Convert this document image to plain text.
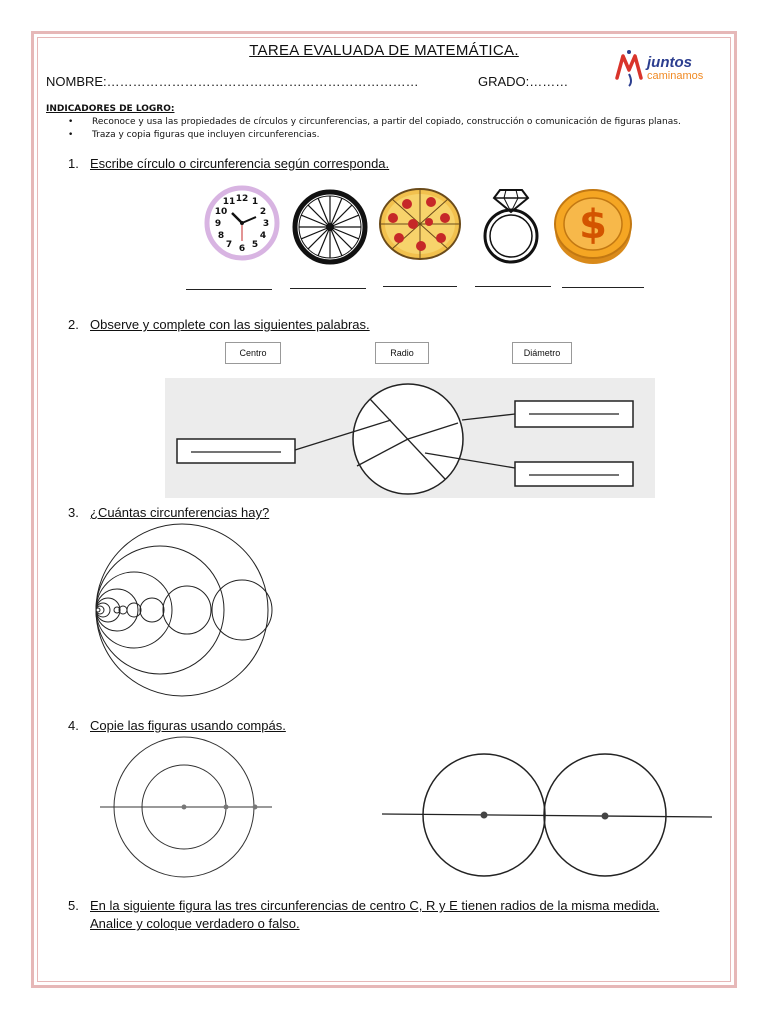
TAREA EVALUADA DE MATEMÁTICA.
NOMBRE:………………………………………………………………	GRADO:………
juntos
caminamos
INDICADORES DE LOGRO:
• Reconoce y usa las propiedades de círculos y circunferencias, a partir del copiado, construcción o comunicación de figuras planas.
• Traza y copia figuras que incluyen circunferencias.
1. Escribe círculo o circunferencia según corresponda.
12 1
2
3
4
5
6
7
8
9
10
11	$
2. Observe y complete con las siguientes palabras.
Centro	Radio	Diámetro
3. ¿Cuántas circunferencias hay?
4. Copie las figuras usando compás.
5. En la siguiente figura las tres circunferencias de centro C, R y E tienen radios de la misma medida.
Analice y coloque verdadero o falso.
